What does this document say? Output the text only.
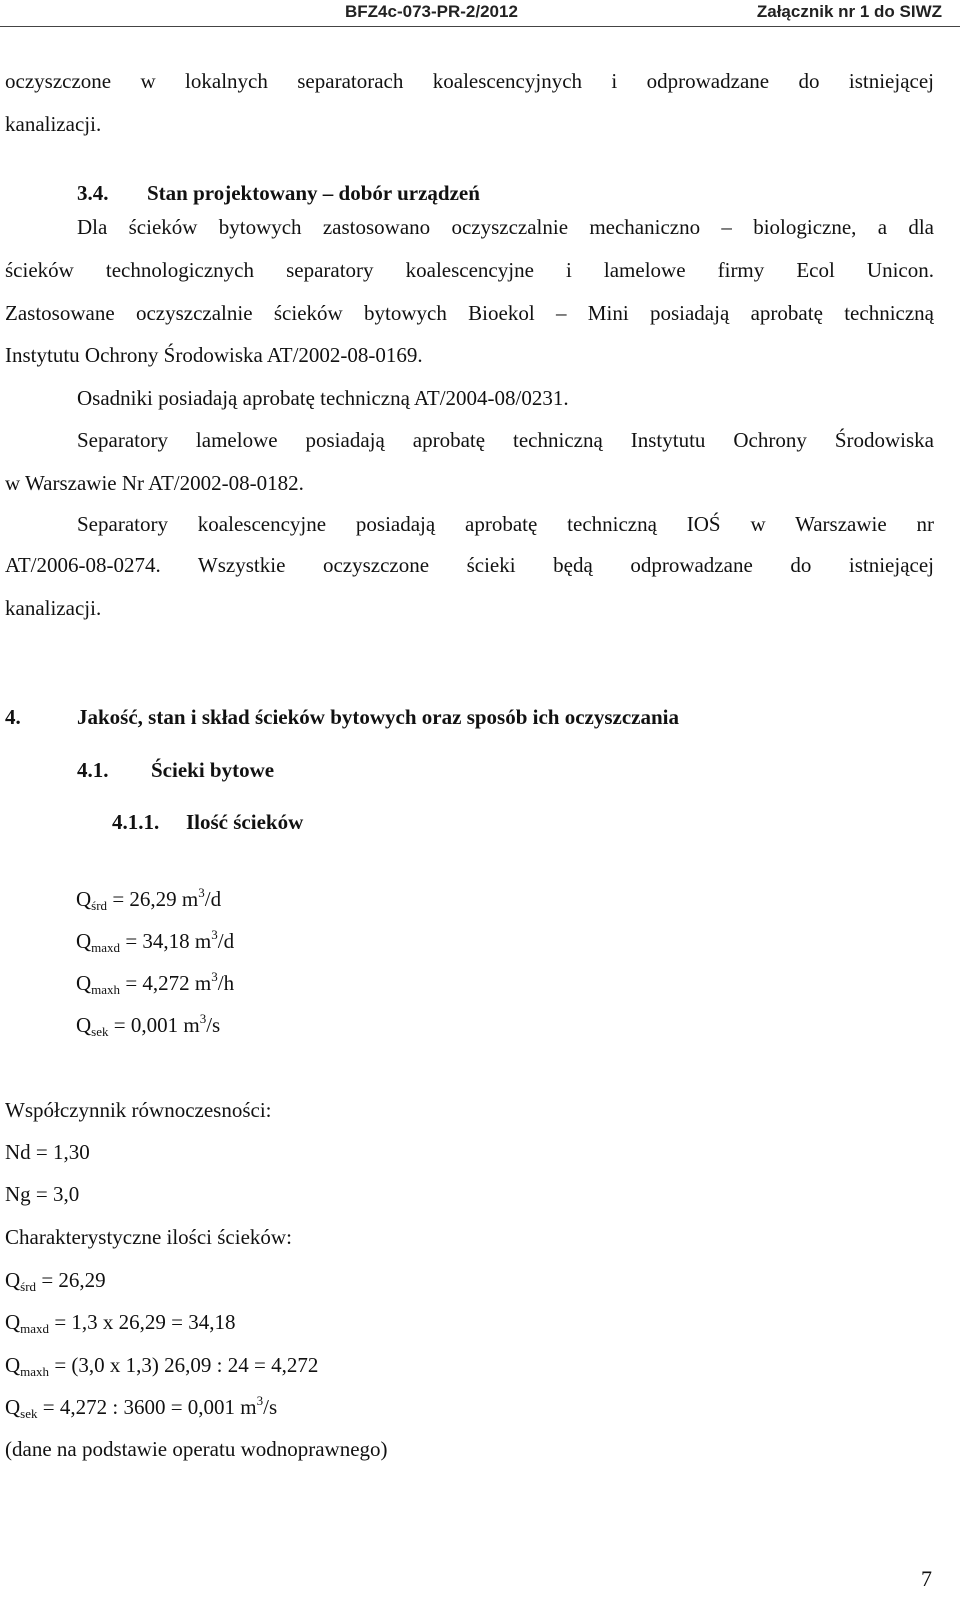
BFZ4c-073-PR-2/2012	Załącznik nr 1 do SIWZ

oczyszczone w lokalnych separatorach koalescencyjnych i odprowadzane do istniejącej

kanalizacji.

3.4. Stan projektowany – dobór urządzeń

Dla ścieków bytowych zastosowano oczyszczalnie mechaniczno – biologiczne, a dla

ścieków technologicznych separatory koalescencyjne i lamelowe firmy Ecol Unicon.

Zastosowane oczyszczalnie ścieków bytowych Bioekol – Mini posiadają aprobatę techniczną

Instytutu Ochrony Środowiska AT/2002-08-0169.

Osadniki posiadają aprobatę techniczną AT/2004-08/0231.

Separatory lamelowe posiadają aprobatę techniczną Instytutu Ochrony Środowiska

w Warszawie Nr AT/2002-08-0182.

Separatory koalescencyjne posiadają aprobatę techniczną IOŚ w Warszawie nr

AT/2006-08-0274. Wszystkie oczyszczone ścieki będą odprowadzane do istniejącej

kanalizacji.

4.	Jakość, stan i skład ścieków bytowych oraz sposób ich oczyszczania

4.1. Ścieki bytowe

4.1.1. Ilość ścieków

$Q_{śrd} = 26,29$ $m^3/d$

$Q_{maxd} = 34,18$ $m^3/d$

$Q_{maxh} = 4,272$ $m^3/h$

$Q_{sek} = 0,001$ $m^3/s$

Współczynnik równoczesności:

Nd = 1,30

Ng = 3,0

Charakterystyczne ilości ścieków:

$Q_{śrd} = 26,29$

$Q_{maxd} = 1,3$ x 26,29 = 34,18

$Q_{maxh} = (3,0$ x 1,3) 26,09 : 24 = 4,272

$Q_{sek} = 4,272$ : 3600 = 0,001 $m^3/s$

(dane na podstawie operatu wodnoprawnego)

7
